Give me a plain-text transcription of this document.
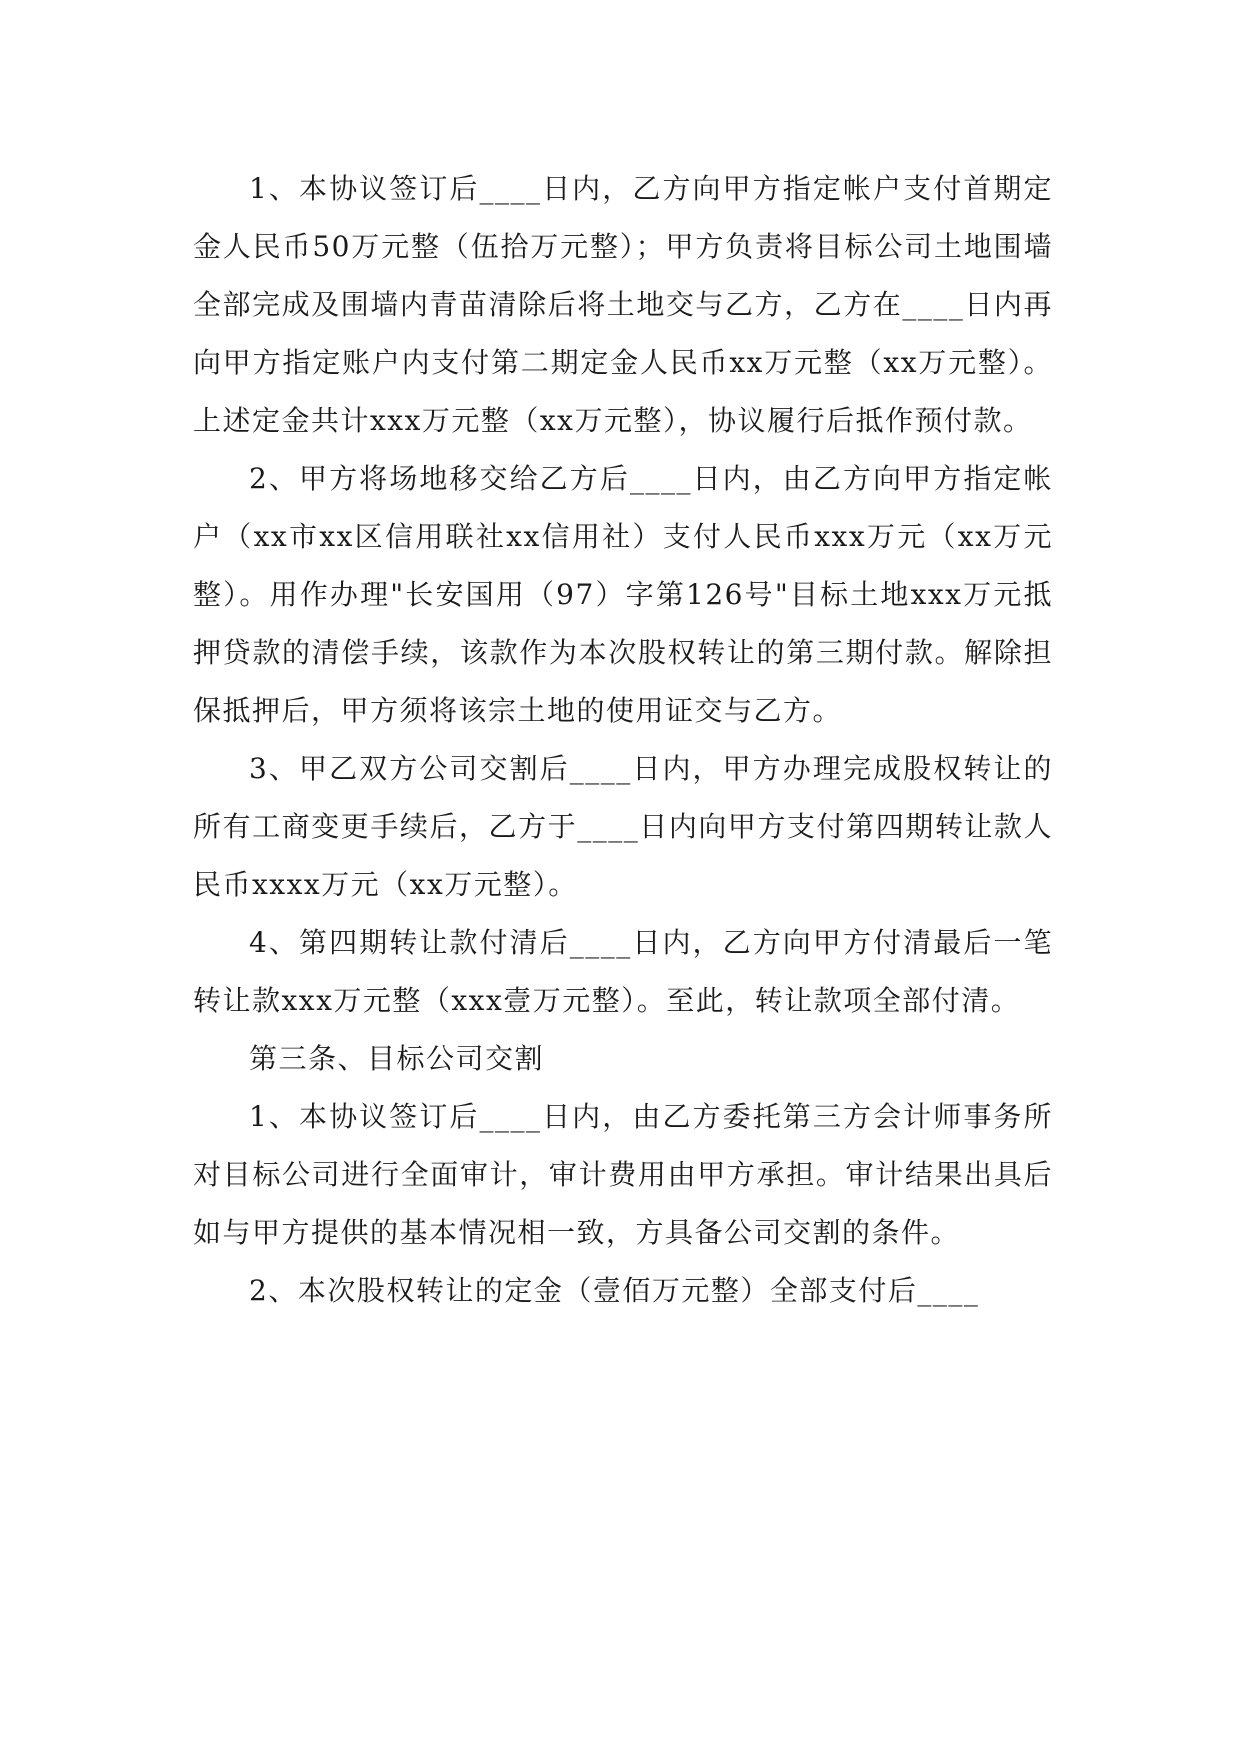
1、本协议签订后____日内，乙方向甲方指定帐户支付首期定金人民币50万元整（伍拾万元整）；甲方负责将目标公司土地围墙全部完成及围墙内青苗清除后将土地交与乙方，乙方在____日内再向甲方指定账户内支付第二期定金人民币xx万元整（xx万元整）。上述定金共计xxx万元整（xx万元整），协议履行后抵作预付款。

2、甲方将场地移交给乙方后____日内，由乙方向甲方指定帐户（xx市xx区信用联社xx信用社）支付人民币xxx万元（xx万元整）。用作办理"长安国用（97）字第126号"目标土地xxx万元抵押贷款的清偿手续，该款作为本次股权转让的第三期付款。解除担保抵押后，甲方须将该宗土地的使用证交与乙方。

3、甲乙双方公司交割后____日内，甲方办理完成股权转让的所有工商变更手续后，乙方于____日内向甲方支付第四期转让款人民币xxxx万元（xx万元整）。

4、第四期转让款付清后____日内，乙方向甲方付清最后一笔转让款xxx万元整（xxx壹万元整）。至此，转让款项全部付清。

第三条、目标公司交割

1、本协议签订后____日内，由乙方委托第三方会计师事务所对目标公司进行全面审计，审计费用由甲方承担。审计结果出具后如与甲方提供的基本情况相一致，方具备公司交割的条件。

2、本次股权转让的定金（壹佰万元整）全部支付后____
